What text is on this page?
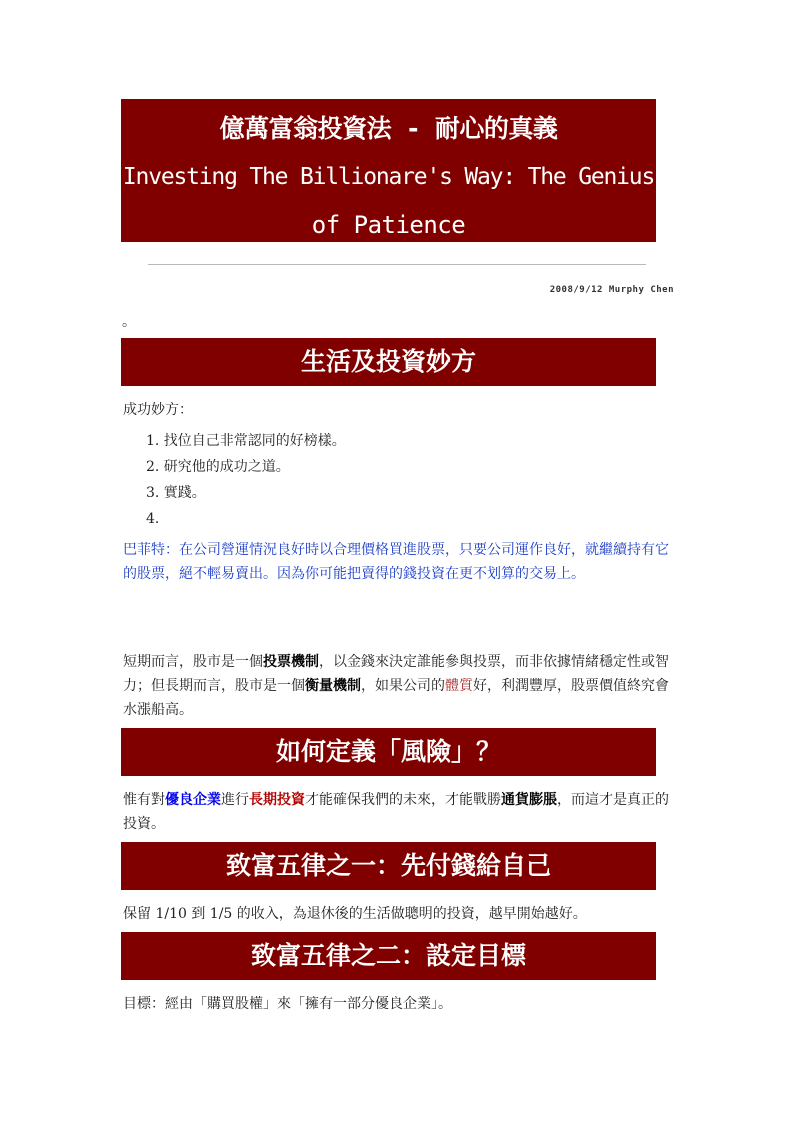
億萬富翁投資法 - 耐心的真義
Investing The Billionare's Way: The Genius
of Patience
2008/9/12 Murphy Chen
。
生活及投資妙方
成功妙方：
1. 找位自己非常認同的好榜樣。
2. 研究他的成功之道。
3. 實踐。
4.
巴菲特：在公司營運情況良好時以合理價格買進股票，只要公司運作良好，就繼續持有它的股票，絕不輕易賣出。因為你可能把賣得的錢投資在更不划算的交易上。
短期而言，股市是一個投票機制，以金錢來決定誰能參與投票，而非依據情緒穩定性或智力；但長期而言，股市是一個衡量機制，如果公司的體質好，利潤豐厚，股票價值終究會水漲船高。
如何定義「風險」？
惟有對優良企業進行長期投資才能確保我們的未來，才能戰勝通貨膨脹，而這才是真正的投資。
致富五律之一：先付錢給自己
保留 1/10 到 1/5 的收入，為退休後的生活做聰明的投資，越早開始越好。
致富五律之二：設定目標
目標：經由「購買股權」來「擁有一部分優良企業」。
